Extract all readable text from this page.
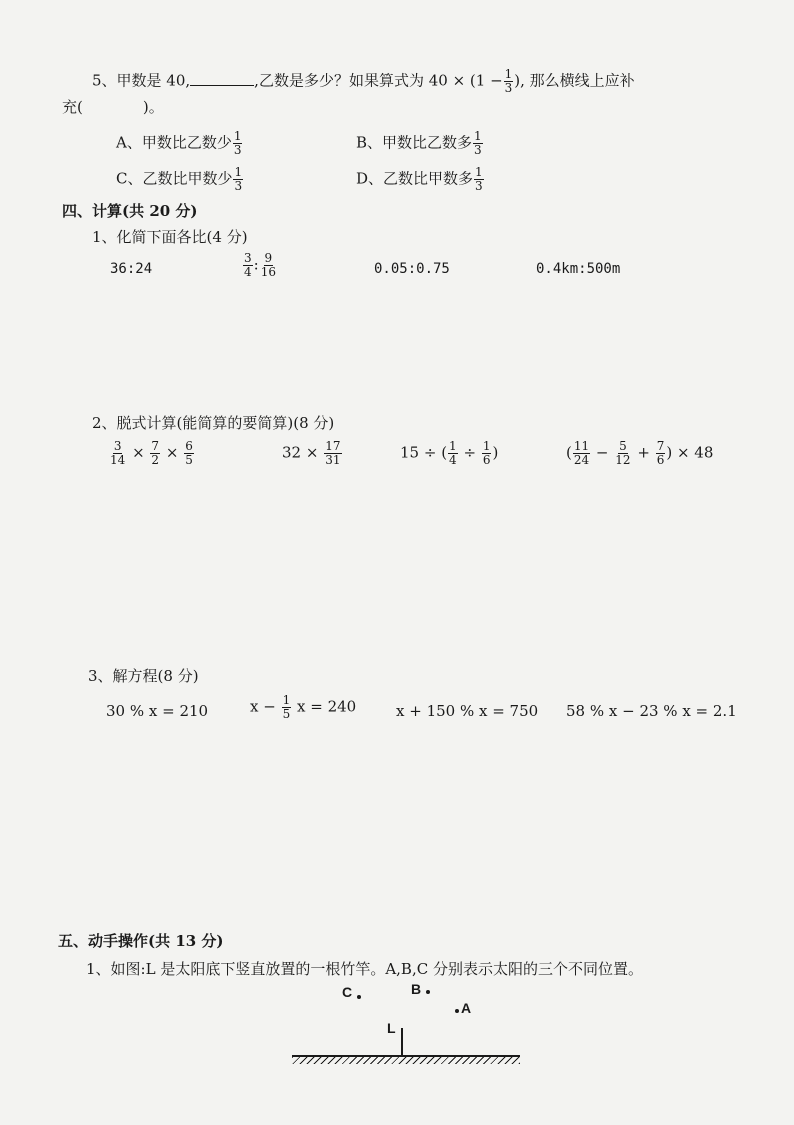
5、甲数是 40,	,乙数是多少？如果算式为 $40 \times (1 - \frac{1}{3}$ ), 那么横线上应补
充(	)。
A、甲数比乙数少 $\frac{1}{3}$	B、甲数比乙数多 $\frac{1}{3}$
C、乙数比甲数少 $\frac{1}{3}$	D、乙数比甲数多 $\frac{1}{3}$
四、计算(共 20 分)
1、化简下面各比(4 分)
36:24	$\frac{3}{4}$ : $\frac{9}{16}$	0.05:0.75	0.4km:500m
2、脱式计算(能简算的要简算)(8 分)
$\frac{3}{14} \times \frac{7}{2} \times \frac{6}{5}$	$32 \times \frac{17}{31}$	15 ÷ ( $\frac{1}{4} \div \frac{1}{6}$ )	( $\frac{11}{24} - \frac{5}{12} + \frac{7}{6}$ ) × 48
3、解方程(8 分)
30 % x = 210	$x - \frac{1}{5}$ x = 240	x + 150 % x = 750 58 % x − 23 % x = 2.1
五、动手操作(共 13 分)
1、如图:L 是太阳底下竖直放置的一根竹竿。A,B,C 分别表示太阳的三个不同位置。
C	B
A
L
